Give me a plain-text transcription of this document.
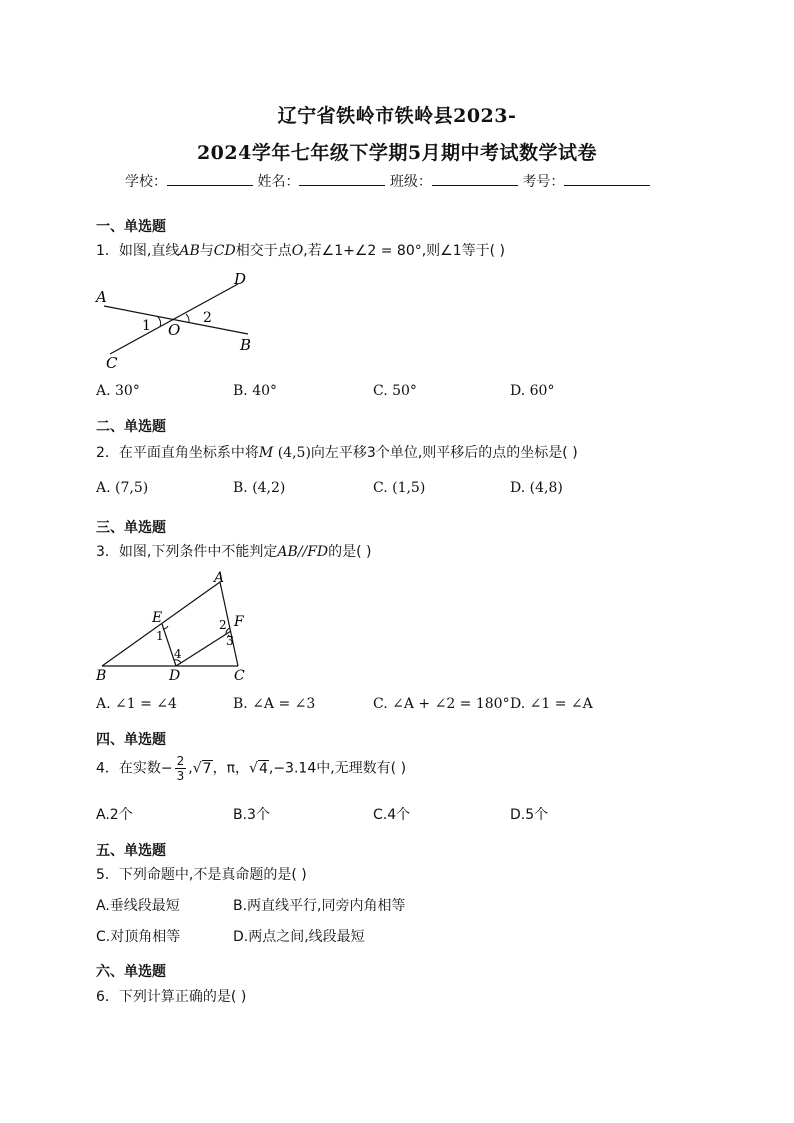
辽宁省铁岭市铁岭县2023-
2024学年七年级下学期5月期中考试数学试卷
学校：	姓名：	班级：	考号：
一、单选题
1．如图,直线AB与CD相交于点O,若∠1+∠2 = 80°,则∠1等于( )
A
D
B
C
O
1	2
A. 30°	B. 40°	C. 50°	D. 60°
二、单选题
2．在平面直角坐标系中将M (4,5)向左平移3个单位,则平移后的点的坐标是( )
A. (7,5)	B. (4,2)	C. (1,5)	D. (4,8)
三、单选题
3．如图,下列条件中不能判定AB//FD的是( )
A
B	C
D
E	F
1
2
3
4
A. ∠1 = ∠4	B. ∠A = ∠3	C. ∠A + ∠2 = 180° D. ∠1 = ∠A
四、单选题
4．在实数− $\frac{2}{3} ,√7$，π，√4,−3.14中,无理数有( )
A.2个	B.3个	C.4个	D.5个
五、单选题
5．下列命题中,不是真命题的是( )
A.垂线段最短	B.两直线平行,同旁内角相等
C.对顶角相等	D.两点之间,线段最短
六、单选题
6．下列计算正确的是( )
